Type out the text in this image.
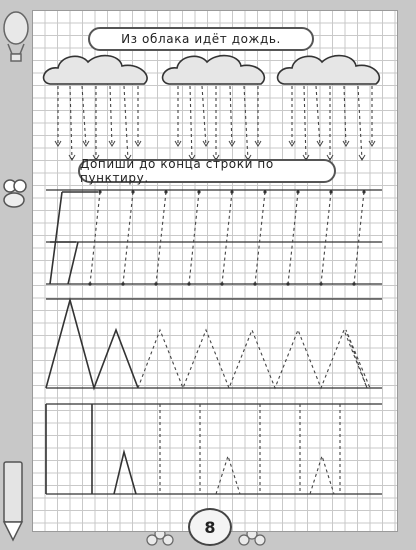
Из облака идёт дождь.
Допиши до конца строки по пунктиру.
8
